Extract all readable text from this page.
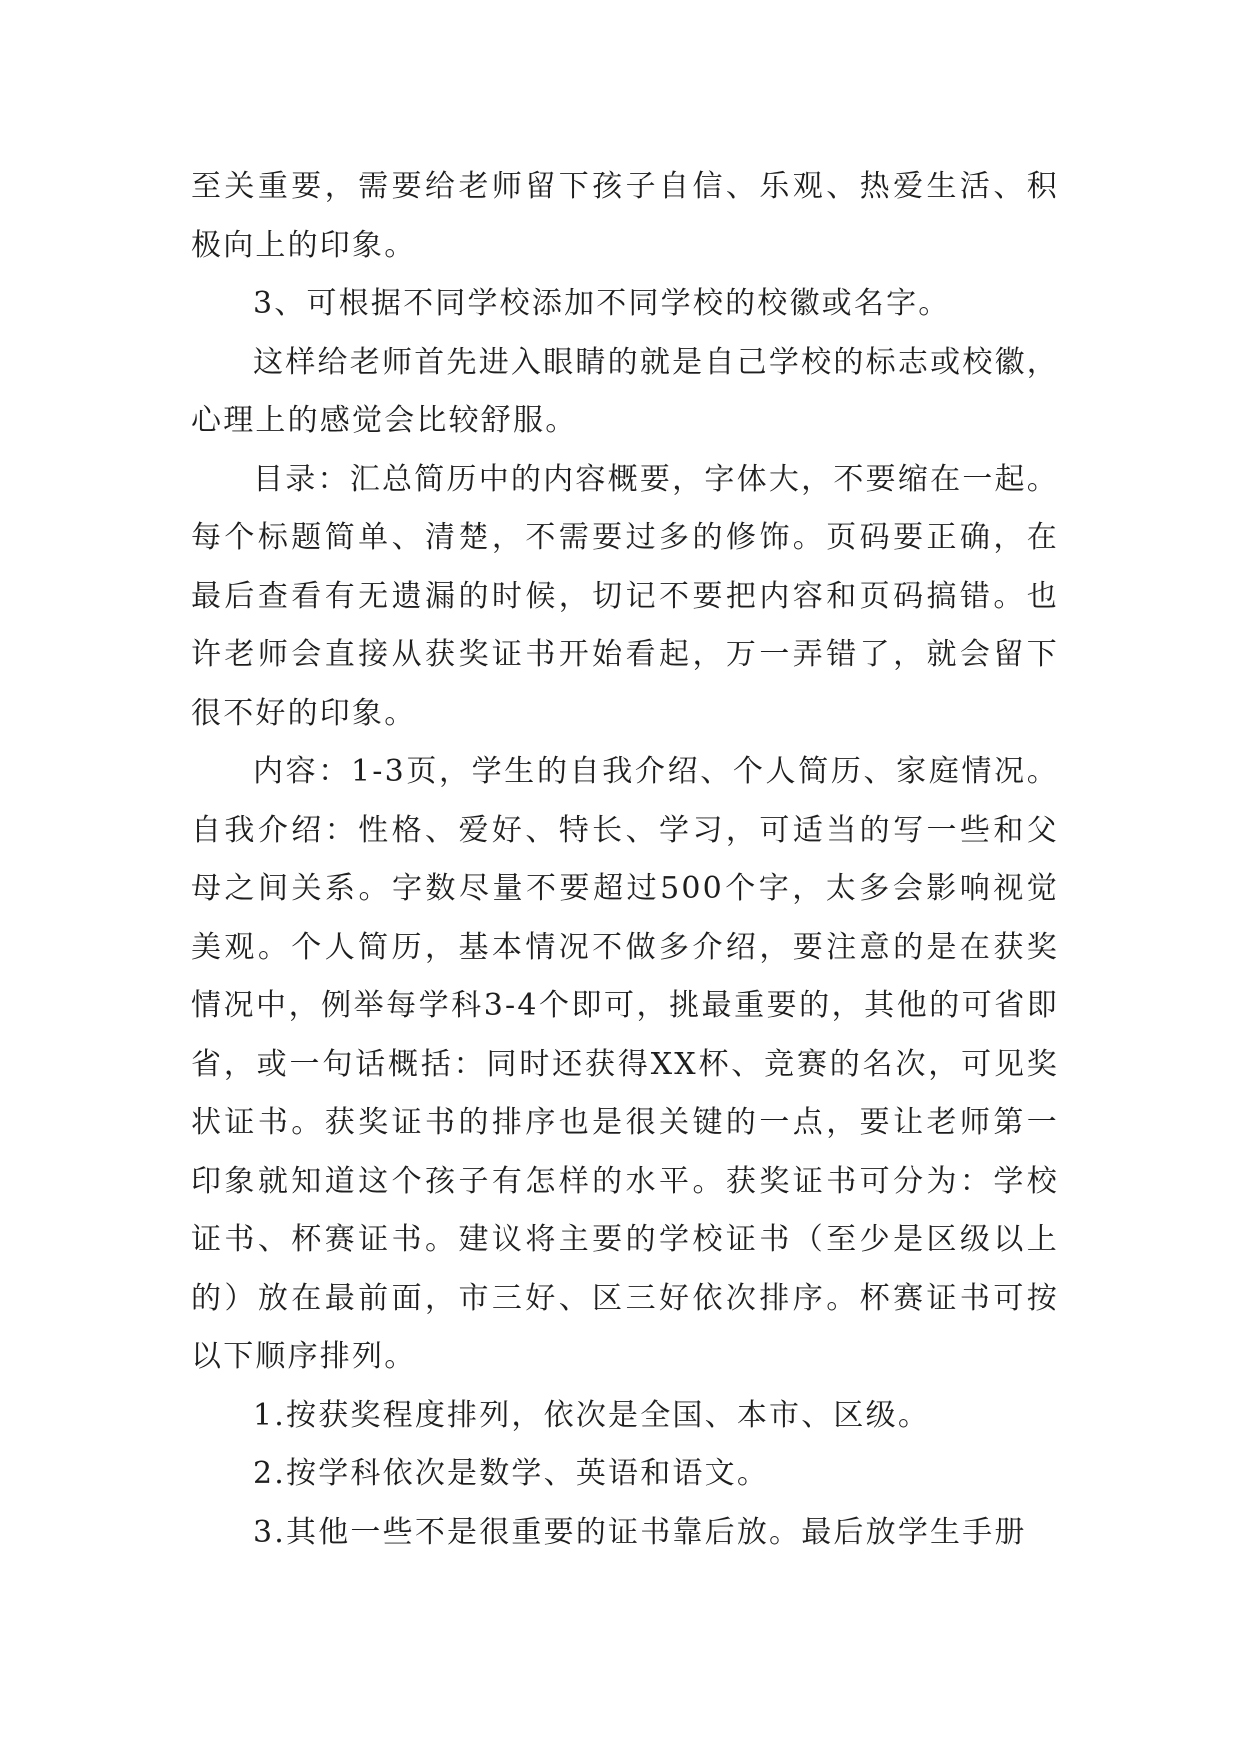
至关重要，需要给老师留下孩子自信、乐观、热爱生活、积极向上的印象。

3、可根据不同学校添加不同学校的校徽或名字。

这样给老师首先进入眼睛的就是自己学校的标志或校徽，心理上的感觉会比较舒服。

目录：汇总简历中的内容概要，字体大，不要缩在一起。每个标题简单、清楚，不需要过多的修饰。页码要正确，在最后查看有无遗漏的时候，切记不要把内容和页码搞错。也许老师会直接从获奖证书开始看起，万一弄错了，就会留下很不好的印象。

内容：1-3页，学生的自我介绍、个人简历、家庭情况。自我介绍：性格、爱好、特长、学习，可适当的写一些和父母之间关系。字数尽量不要超过500个字，太多会影响视觉美观。个人简历，基本情况不做多介绍，要注意的是在获奖情况中，例举每学科3-4个即可，挑最重要的，其他的可省即省，或一句话概括：同时还获得XX杯、竞赛的名次，可见奖状证书。获奖证书的排序也是很关键的一点，要让老师第一印象就知道这个孩子有怎样的水平。获奖证书可分为：学校证书、杯赛证书。建议将主要的学校证书（至少是区级以上的）放在最前面，市三好、区三好依次排序。杯赛证书可按以下顺序排列。

1.按获奖程度排列，依次是全国、本市、区级。

2.按学科依次是数学、英语和语文。

3.其他一些不是很重要的证书靠后放。最后放学生手册
